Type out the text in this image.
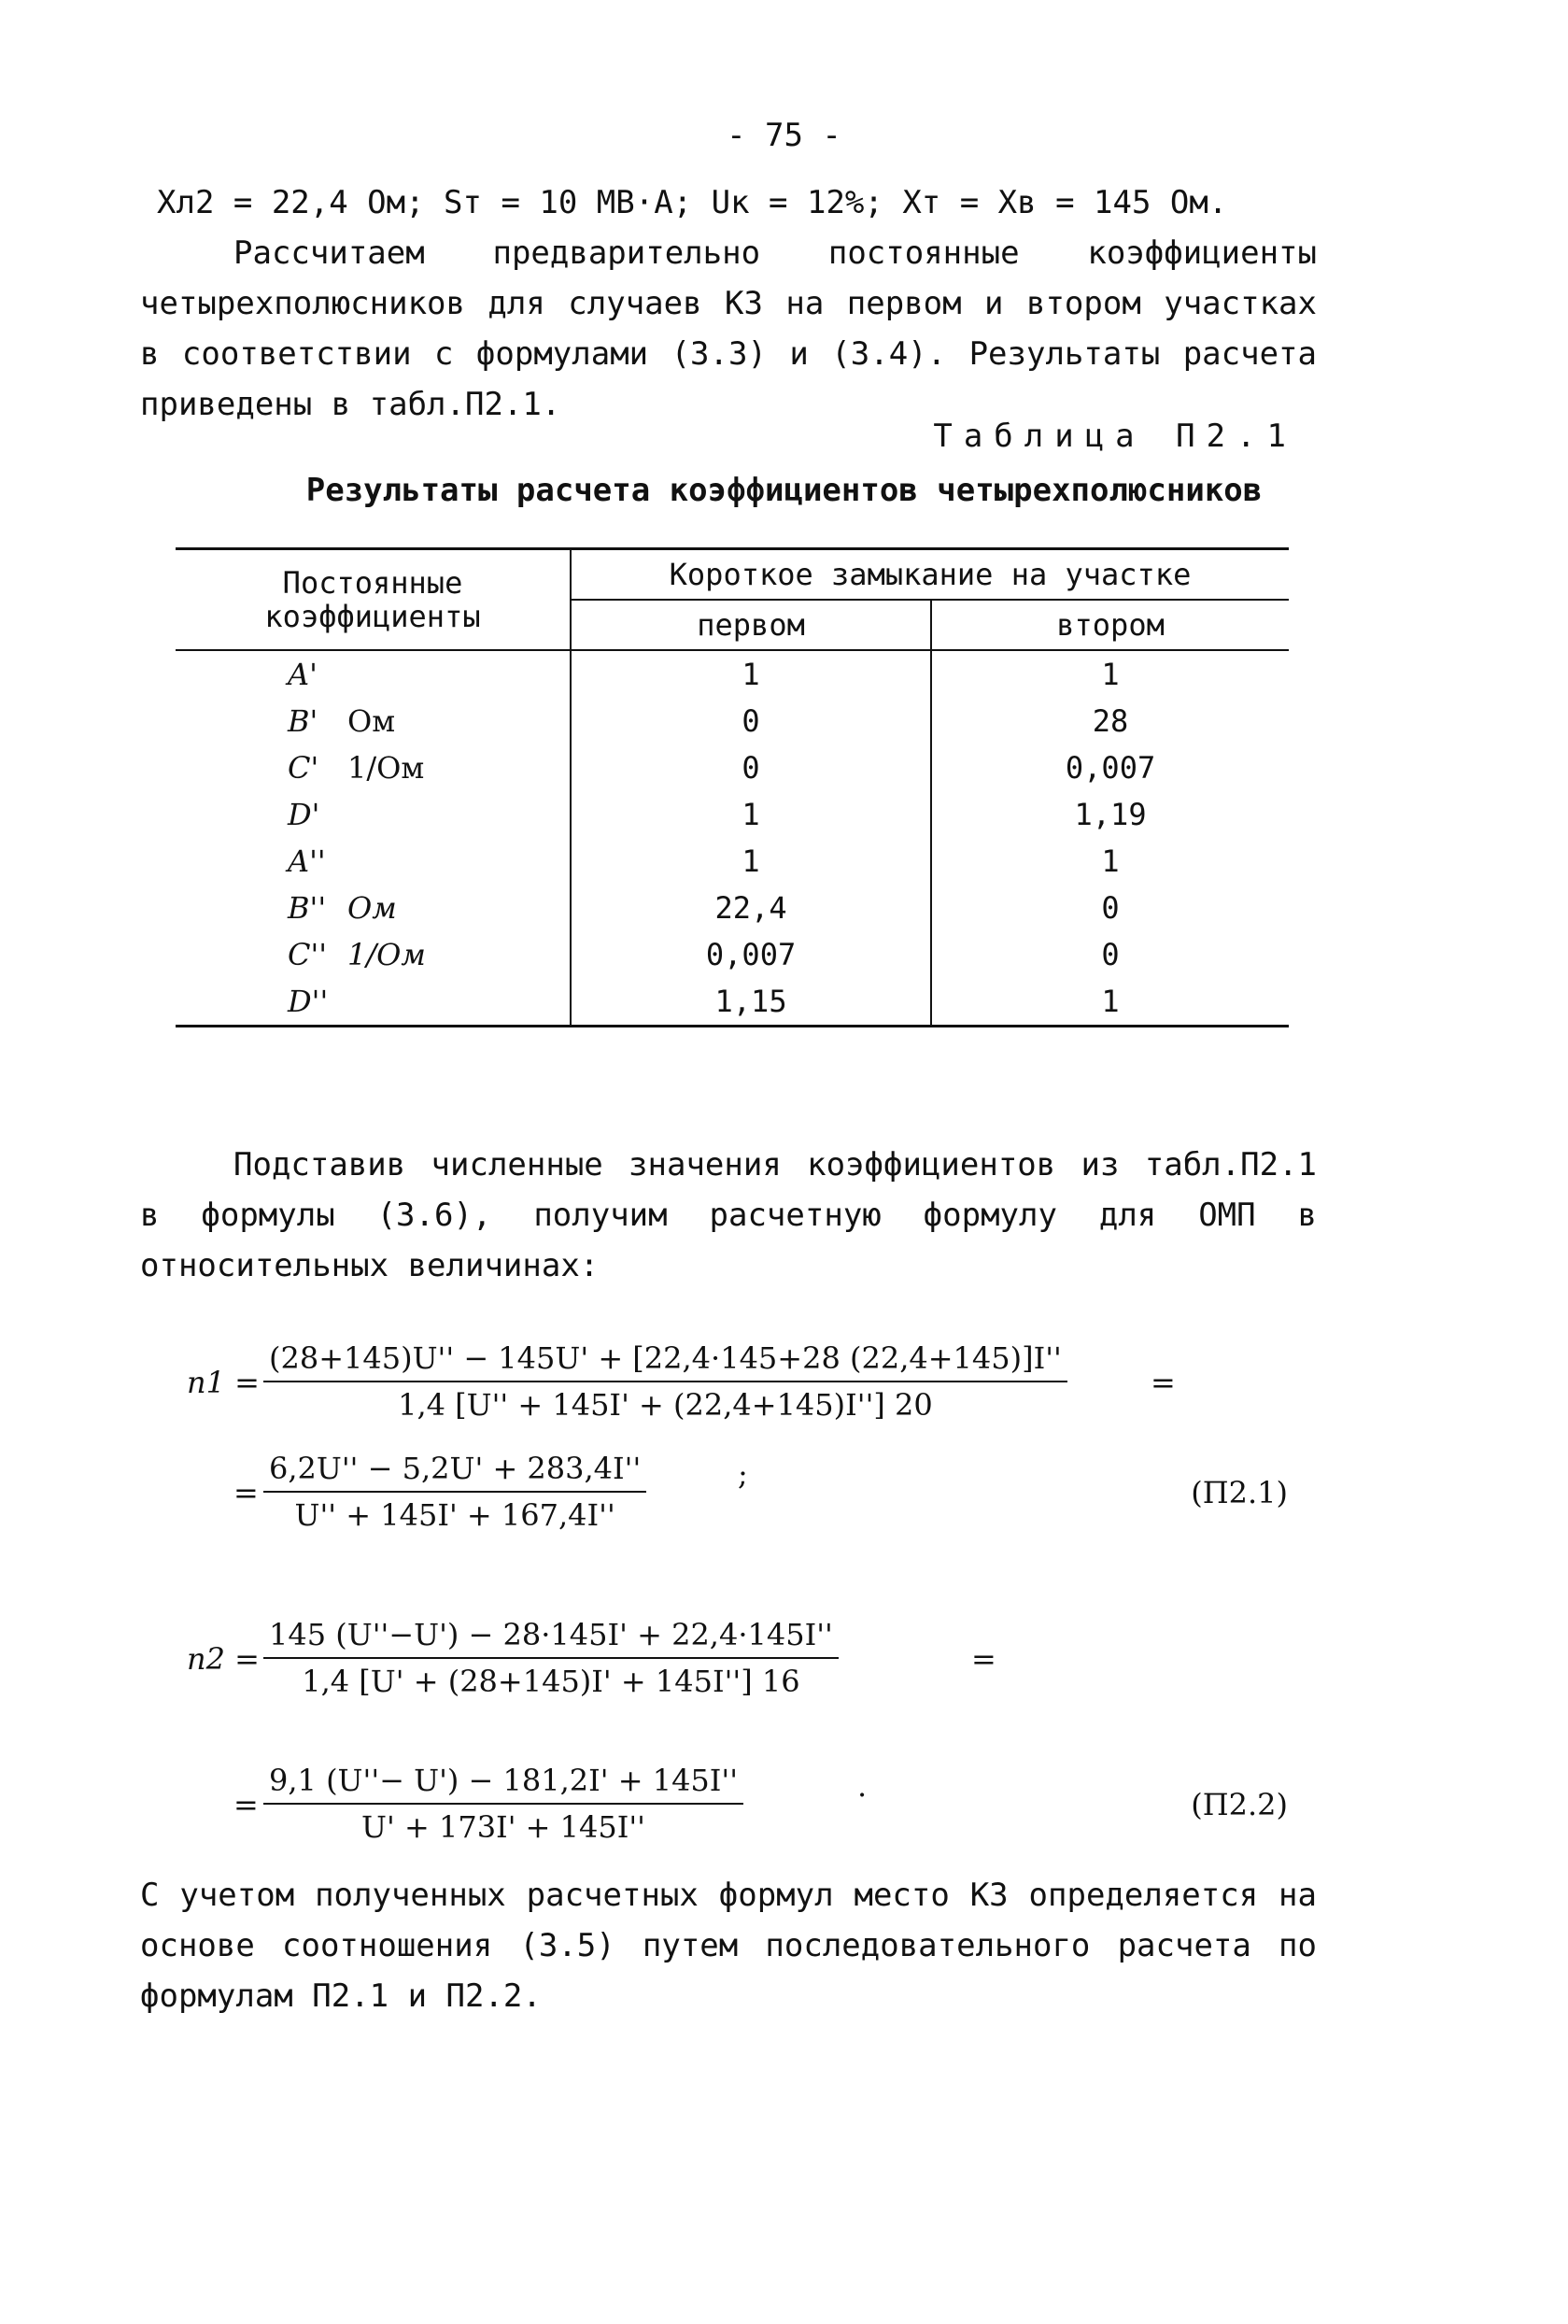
- 75 -
Xл2 = 22,4 Ом; Sт = 10 МВ·А; Uк = 12%; Xт = Xв = 145 Ом.

Рассчитаем предварительно постоянные коэффициенты четырехполюсников для случаев КЗ на первом и втором участках в соответствии с формулами (3.3) и (3.4). Результаты расчета приведены в табл.П2.1.

Таблица П2.1
Результаты расчета коэффициентов четырехполюсников
Постоянные коэффициенты	Короткое замыкание на участке	
	первом	втором
A'	1	1
B' Ом	0	28
C' 1/Ом	0	0,007
D'	1	1,19
A''	1	1
B'' Ом	22,4	0
C'' 1/Ом	0,007	0
D''	1,15	1

Подставив численные значения коэффициентов из табл.П2.1 в формулы (3.6), получим расчетную формулу для ОМП в относительных величинах:

$n1 = \frac{(28+145)U'' - 145U' + [22,4\cdot 145+28 (22,4+145)]I''}{1,4 [U'' + 145I' + (22,4+145)I''] 20}$	=
= $\frac{6,2U'' - 5,2U' + 283,4I''}{U'' + 145I' + 167,4I''}$	;
(П2.1)
$n2 = \frac{145 (U''-U') - 28\cdot 145I' + 22,4\cdot 145I''}{1,4 [U' + (28+145)I' + 145I''] 16}$	=
= $\frac{9,1 (U''- U') - 181,2I' + 145I''}{U' + 173I' + 145I''}$	.
(П2.2)

С учетом полученных расчетных формул место КЗ определяется на основе соотношения (3.5) путем последовательного расчета по формулам П2.1 и П2.2.
